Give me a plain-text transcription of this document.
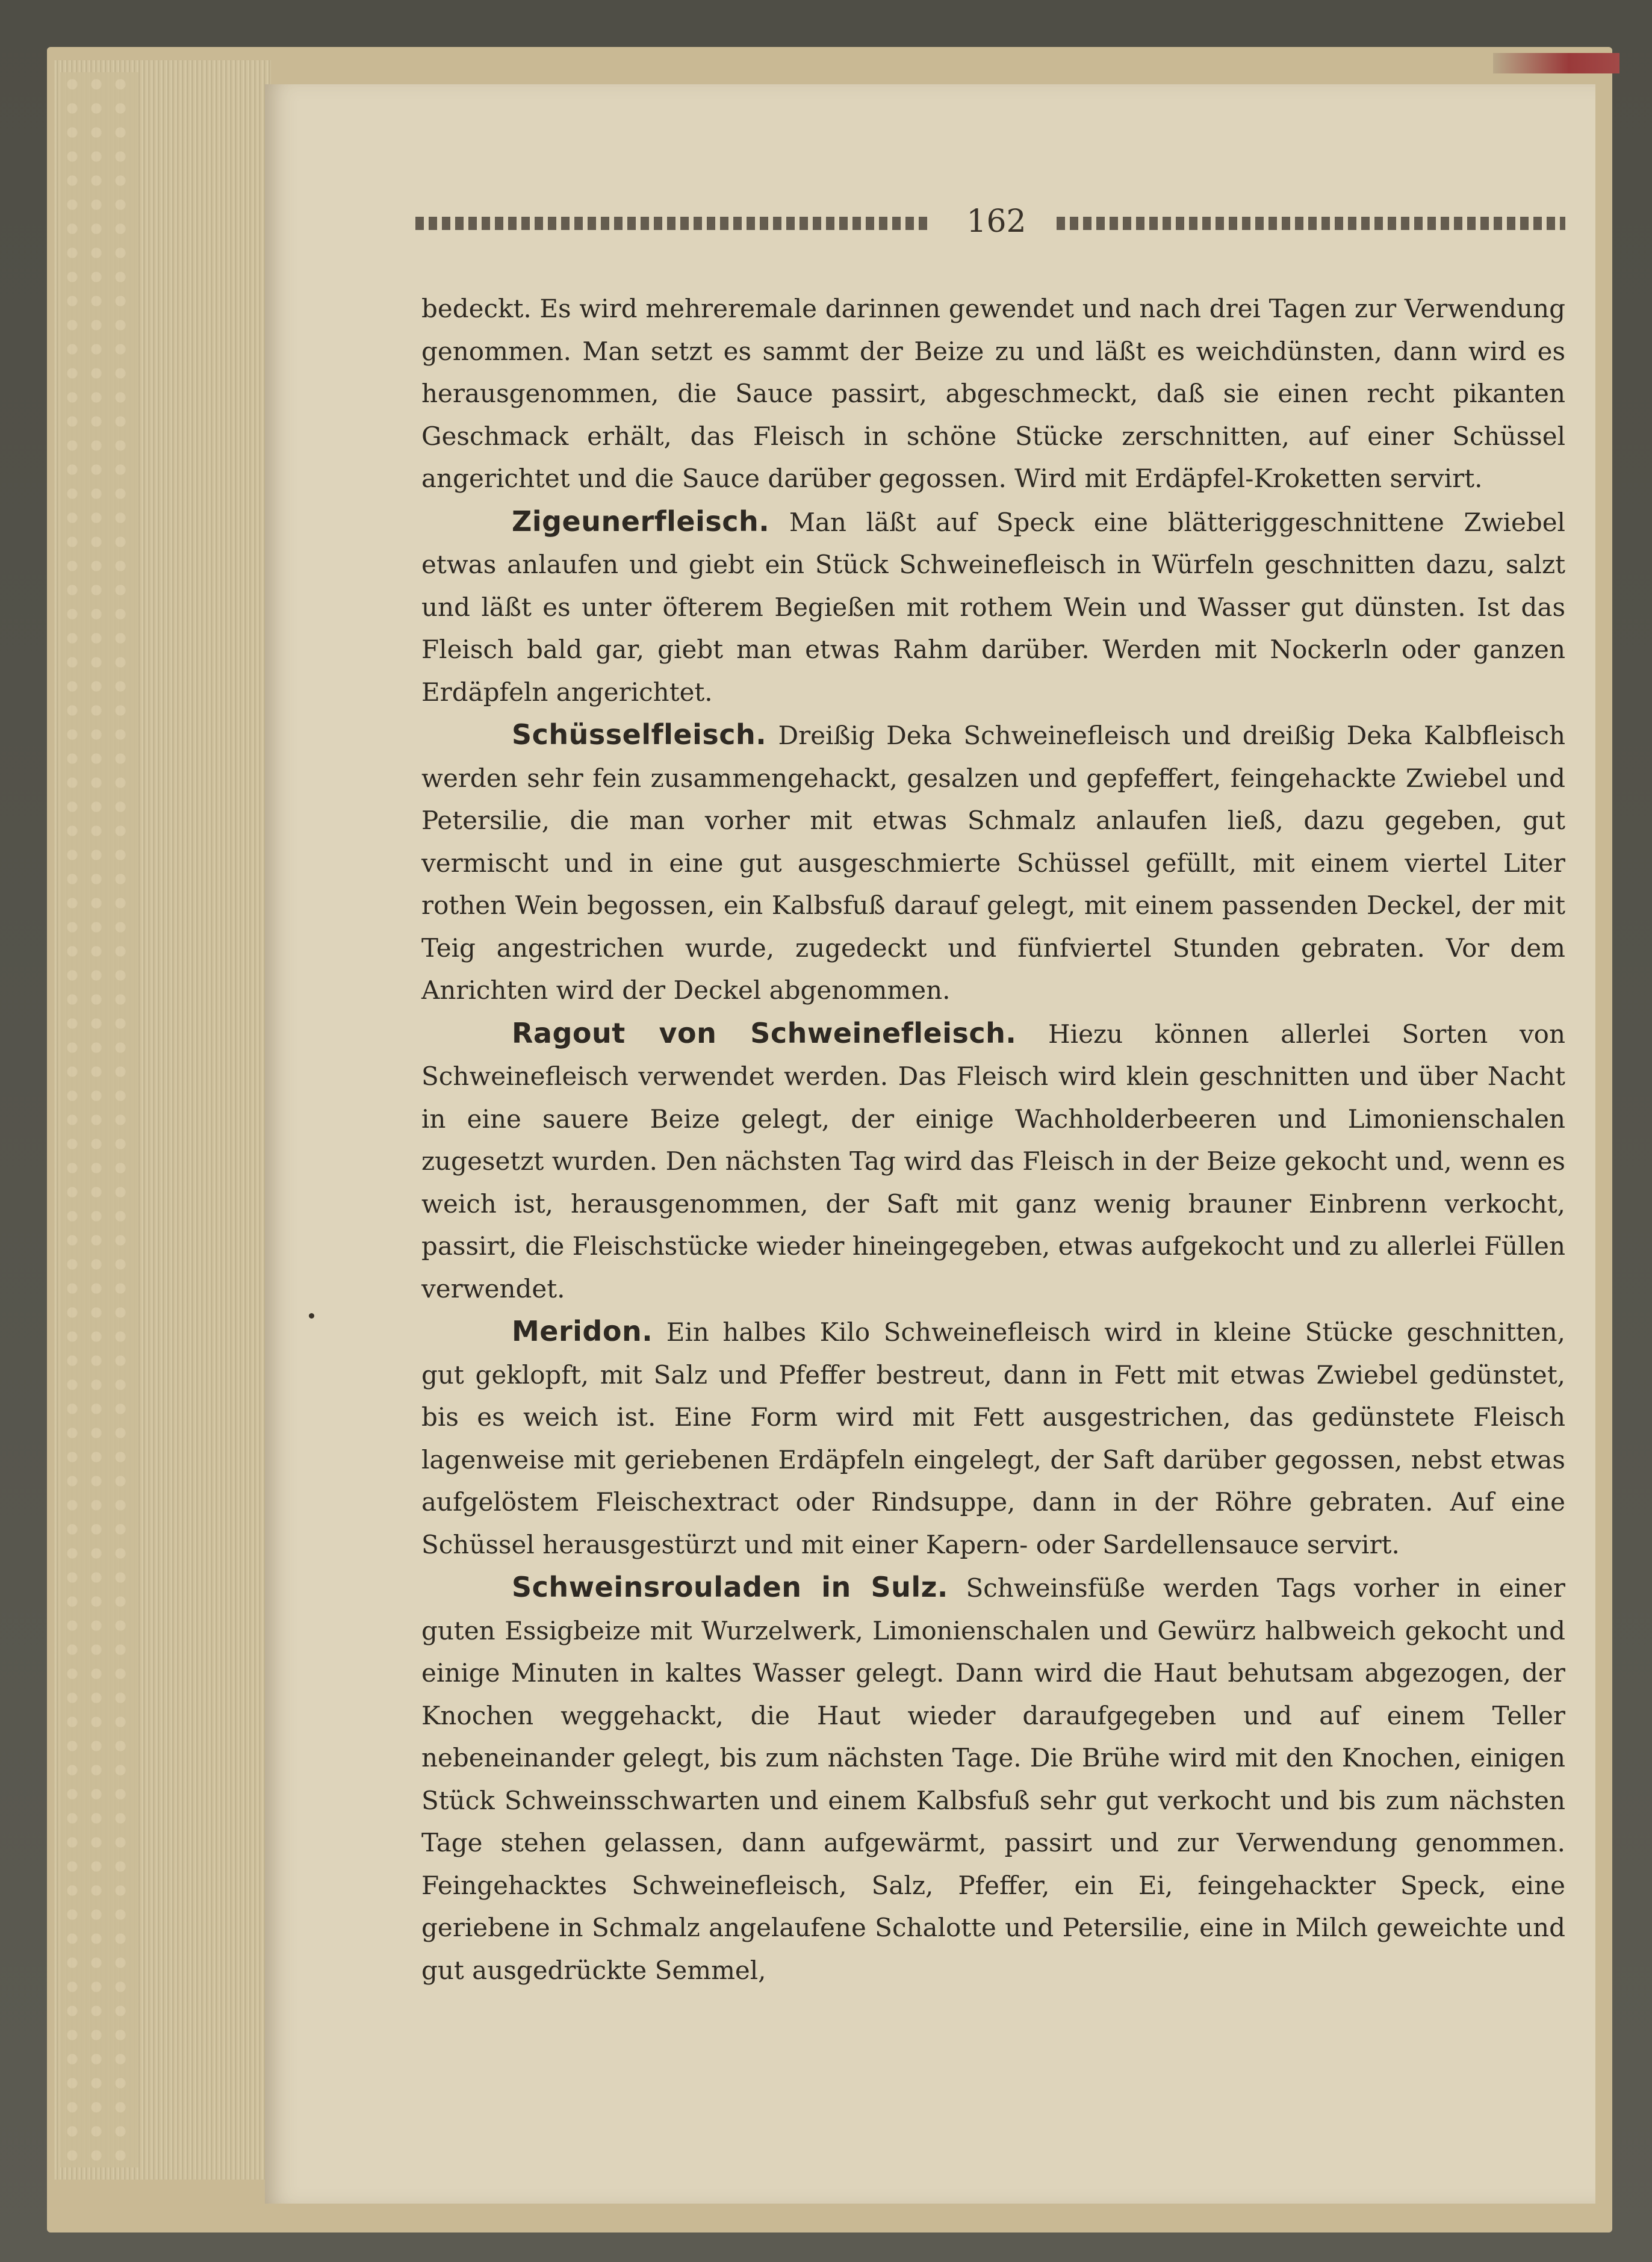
162

bedeckt. Es wird mehreremale darinnen gewendet und nach drei Tagen zur Verwendung genommen. Man setzt es sammt der Beize zu und läßt es weichdünsten, dann wird es herausgenommen, die Sauce passirt, abgeschmeckt, daß sie einen recht pikanten Geschmack erhält, das Fleisch in schöne Stücke zerschnitten, auf einer Schüssel angerichtet und die Sauce darüber gegossen. Wird mit Erdäpfel-Kroketten servirt.

Zigeunerfleisch. Man läßt auf Speck eine blätteriggeschnittene Zwiebel etwas anlaufen und giebt ein Stück Schweinefleisch in Würfeln geschnitten dazu, salzt und läßt es unter öfterem Begießen mit rothem Wein und Wasser gut dünsten. Ist das Fleisch bald gar, giebt man etwas Rahm darüber. Werden mit Nockerln oder ganzen Erdäpfeln angerichtet.

Schüsselfleisch. Dreißig Deka Schweinefleisch und dreißig Deka Kalbfleisch werden sehr fein zusammengehackt, gesalzen und gepfeffert, feingehackte Zwiebel und Petersilie, die man vorher mit etwas Schmalz anlaufen ließ, dazu gegeben, gut vermischt und in eine gut ausgeschmierte Schüssel gefüllt, mit einem viertel Liter rothen Wein begossen, ein Kalbsfuß darauf gelegt, mit einem passenden Deckel, der mit Teig angestrichen wurde, zugedeckt und fünfviertel Stunden gebraten. Vor dem Anrichten wird der Deckel abgenommen.

Ragout von Schweinefleisch. Hiezu können allerlei Sorten von Schweinefleisch verwendet werden. Das Fleisch wird klein geschnitten und über Nacht in eine sauere Beize gelegt, der einige Wachholderbeeren und Limonienschalen zugesetzt wurden. Den nächsten Tag wird das Fleisch in der Beize gekocht und, wenn es weich ist, herausgenommen, der Saft mit ganz wenig brauner Einbrenn verkocht, passirt, die Fleischstücke wieder hineingegeben, etwas aufgekocht und zu allerlei Füllen verwendet.

Meridon. Ein halbes Kilo Schweinefleisch wird in kleine Stücke geschnitten, gut geklopft, mit Salz und Pfeffer bestreut, dann in Fett mit etwas Zwiebel gedünstet, bis es weich ist. Eine Form wird mit Fett ausgestrichen, das gedünstete Fleisch lagenweise mit geriebenen Erdäpfeln eingelegt, der Saft darüber gegossen, nebst etwas aufgelöstem Fleischextract oder Rindsuppe, dann in der Röhre gebraten. Auf eine Schüssel herausgestürzt und mit einer Kapern- oder Sardellensauce servirt.

Schweinsrouladen in Sulz. Schweinsfüße werden Tags vorher in einer guten Essigbeize mit Wurzelwerk, Limonienschalen und Gewürz halbweich gekocht und einige Minuten in kaltes Wasser gelegt. Dann wird die Haut behutsam abgezogen, der Knochen weggehackt, die Haut wieder daraufgegeben und auf einem Teller nebeneinander gelegt, bis zum nächsten Tage. Die Brühe wird mit den Knochen, einigen Stück Schweinsschwarten und einem Kalbsfuß sehr gut verkocht und bis zum nächsten Tage stehen gelassen, dann aufgewärmt, passirt und zur Verwendung genommen. Feingehacktes Schweinefleisch, Salz, Pfeffer, ein Ei, feingehackter Speck, eine geriebene in Schmalz angelaufene Schalotte und Petersilie, eine in Milch geweichte und gut ausgedrückte Semmel,
